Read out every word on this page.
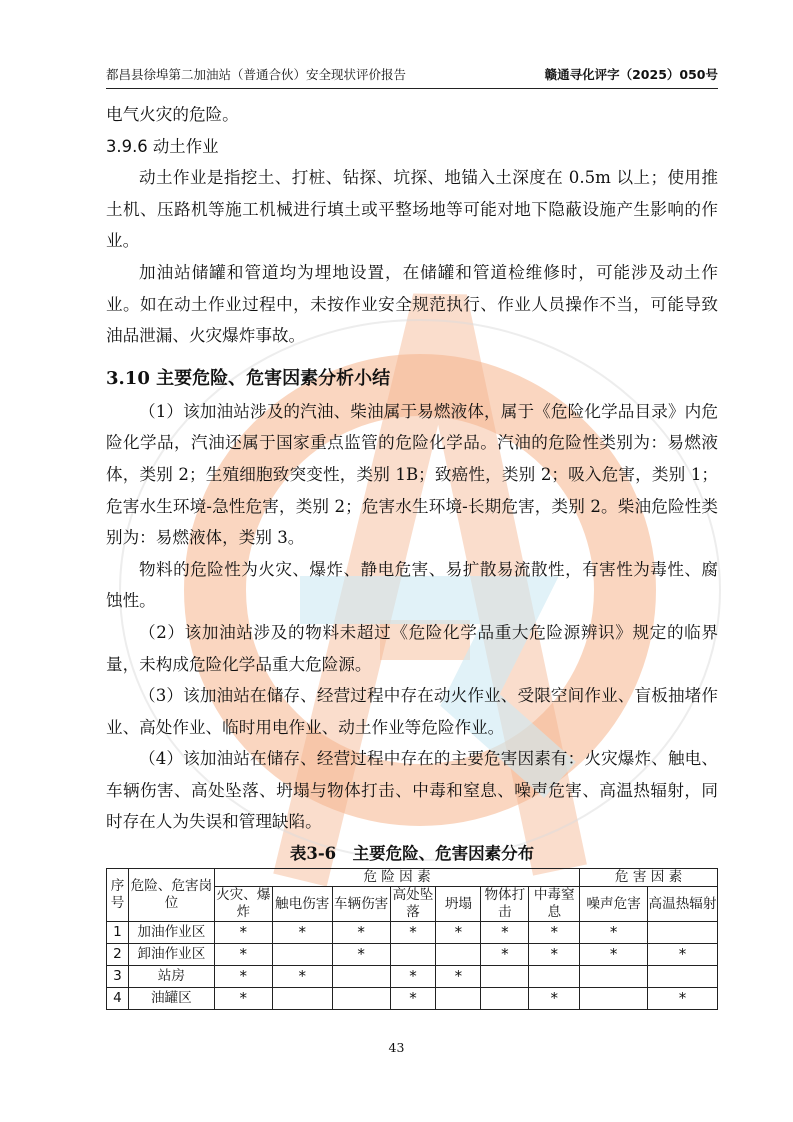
都昌县徐埠第二加油站（普通合伙）安全现状评价报告	赣通寻化评字（2025）050号

电气火灾的危险。

3.9.6 动土作业

动土作业是指挖土、打桩、钻探、坑探、地锚入土深度在 0.5m 以上；使用推土机、压路机等施工机械进行填土或平整场地等可能对地下隐蔽设施产生影响的作业。

加油站储罐和管道均为埋地设置，在储罐和管道检维修时，可能涉及动土作业。如在动土作业过程中，未按作业安全规范执行、作业人员操作不当，可能导致油品泄漏、火灾爆炸事故。

3.10 主要危险、危害因素分析小结

（1）该加油站涉及的汽油、柴油属于易燃液体，属于《危险化学品目录》内危险化学品，汽油还属于国家重点监管的危险化学品。汽油的危险性类别为：易燃液体，类别 2；生殖细胞致突变性，类别 1B；致癌性，类别 2；吸入危害，类别 1；危害水生环境-急性危害，类别 2；危害水生环境-长期危害，类别 2。柴油危险性类别为：易燃液体，类别 3。

物料的危险性为火灾、爆炸、静电危害、易扩散易流散性，有害性为毒性、腐蚀性。

（2）该加油站涉及的物料未超过《危险化学品重大危险源辨识》规定的临界量，未构成危险化学品重大危险源。

（3）该加油站在储存、经营过程中存在动火作业、受限空间作业、盲板抽堵作业、高处作业、临时用电作业、动土作业等危险作业。

（4）该加油站在储存、经营过程中存在的主要危害因素有：火灾爆炸、触电、车辆伤害、高处坠落、坍塌与物体打击、中毒和窒息、噪声危害、高温热辐射，同时存在人为失误和管理缺陷。

表3-6　主要危险、危害因素分布
序号	危险、危害岗位	危 险 因 素							危 害 因 素	
		火灾、爆炸	触电伤害	车辆伤害	高处坠落	坍塌	物体打击	中毒窒息	噪声危害	高温热辐射
1	加油作业区	*	*	*	*	*	*	*	*	
2	卸油作业区	*		*			*	*	*	*
3	站房	*	*		*	*				
4	油罐区	*			*			*		*
43
